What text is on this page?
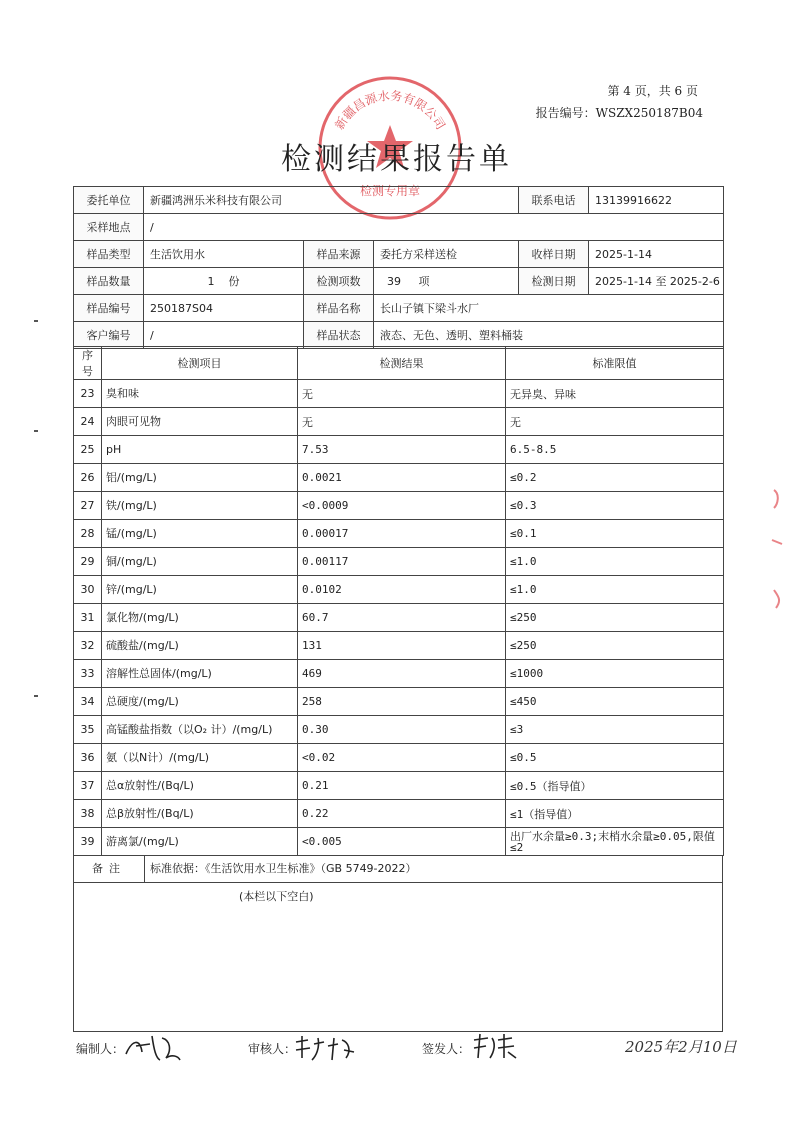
第 4 页，共 6 页
报告编号：WSZX250187B04
新疆昌源水务有限公司
检测专用章
检测结果报告单
委托单位	新疆鸿洲乐米科技有限公司			联系电话	13139916622
采样地点	/				
样品类型	生活饮用水	样品来源	委托方采样送检	收样日期	2025-1-14
样品数量	1 份	检测项数	39 项	检测日期	2025-1-14 至 2025-2-6
样品编号	250187S04	样品名称	长山子镇下梁斗水厂		
客户编号	/	样品状态	液态、无色、透明、塑料桶装		
序号	检测项目	检测结果	标准限值
23	臭和味	无	无异臭、异味
24	肉眼可见物	无	无
25	pH	7.53	6.5-8.5
26	铝/(mg/L)	0.0021	≤0.2
27	铁/(mg/L)	<0.0009	≤0.3
28	锰/(mg/L)	0.00017	≤0.1
29	铜/(mg/L)	0.00117	≤1.0
30	锌/(mg/L)	0.0102	≤1.0
31	氯化物/(mg/L)	60.7	≤250
32	硫酸盐/(mg/L)	131	≤250
33	溶解性总固体/(mg/L)	469	≤1000
34	总硬度/(mg/L)	258	≤450
35	高锰酸盐指数（以O₂ 计）/(mg/L)	0.30	≤3
36	氨（以N计）/(mg/L)	<0.02	≤0.5
37	总α放射性/(Bq/L)	0.21	≤0.5（指导值）
38	总β放射性/(Bq/L)	0.22	≤1（指导值）
39	游离氯/(mg/L)	<0.005	出厂水余量≥0.3;末梢水余量≥0.05,限值≤2
备注	标准依据：《生活饮用水卫生标准》（GB 5749-2022）
(本栏以下空白)
编制人：	审核人：	签发人：	2025年2月10日
